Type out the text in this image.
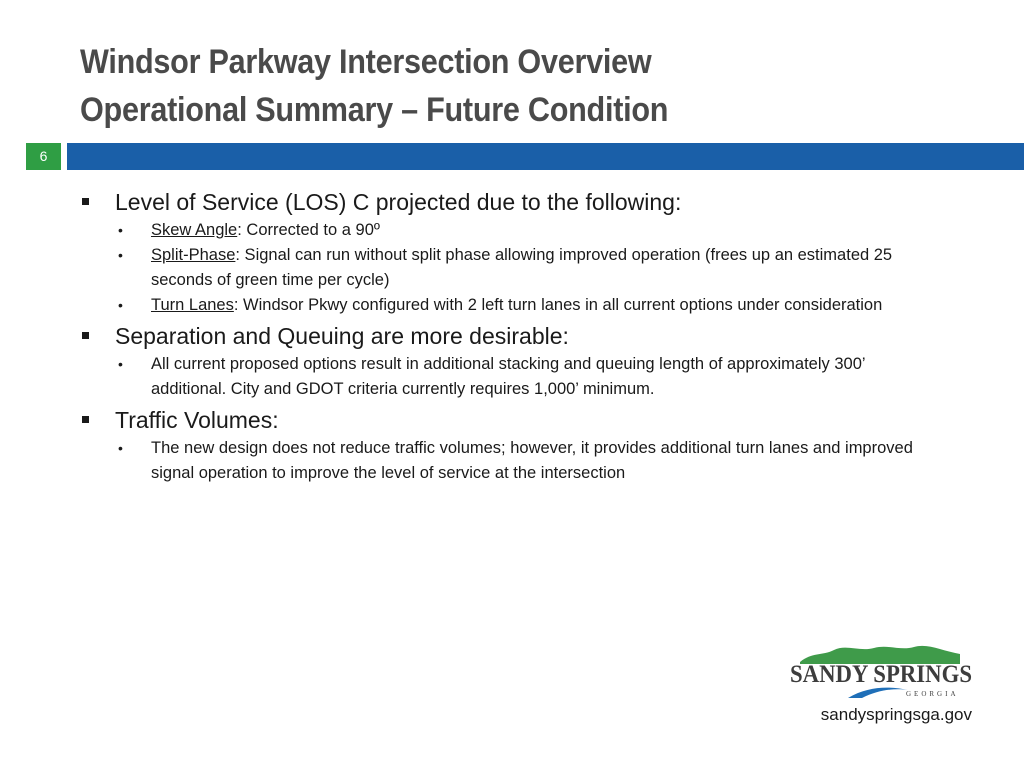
Windsor Parkway Intersection Overview
Operational Summary – Future Condition
6
Level of Service (LOS) C projected due to the following:
• Skew Angle: Corrected to a 90º
• Split-Phase: Signal can run without split phase allowing improved operation (frees up an estimated 25 seconds of green time per cycle)
• Turn Lanes: Windsor Pkwy configured with 2 left turn lanes in all current options under consideration
Separation and Queuing are more desirable:
• All current proposed options result in additional stacking and queuing length of approximately 300’ additional. City and GDOT criteria currently requires 1,000’ minimum.
Traffic Volumes:
• The new design does not reduce traffic volumes; however, it provides additional turn lanes and improved signal operation to improve the level of service at the intersection
SANDY SPRINGS
GEORGIA
sandyspringsga.gov
